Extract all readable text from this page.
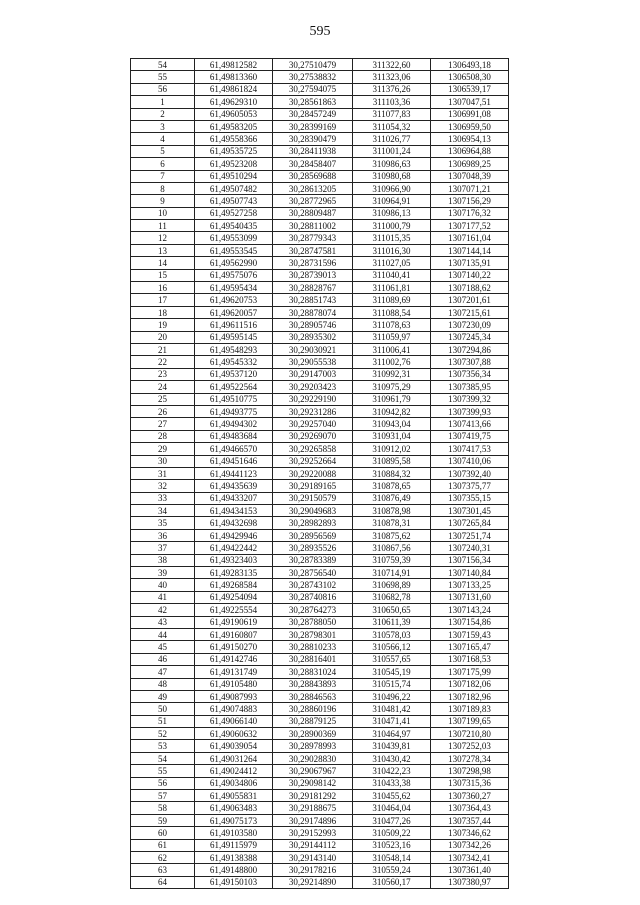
595
54	61,49812582	30,27510479	311322,60	1306493,18
55	61,49813360	30,27538832	311323,06	1306508,30
56	61,49861824	30,27594075	311376,26	1306539,17
1	61,49629310	30,28561863	311103,36	1307047,51
2	61,49605053	30,28457249	311077,83	1306991,08
3	61,49583205	30,28399169	311054,32	1306959,50
4	61,49558366	30,28390479	311026,77	1306954,13
5	61,49535725	30,28411938	311001,24	1306964,88
6	61,49523208	30,28458407	310986,63	1306989,25
7	61,49510294	30,28569688	310980,68	1307048,39
8	61,49507482	30,28613205	310966,90	1307071,21
9	61,49507743	30,28772965	310964,91	1307156,29
10	61,49527258	30,28809487	310986,13	1307176,32
11	61,49540435	30,28811002	311000,79	1307177,52
12	61,49553099	30,28779343	311015,35	1307161,04
13	61,49553545	30,28747581	311016,30	1307144,14
14	61,49562990	30,28731596	311027,05	1307135,91
15	61,49575076	30,28739013	311040,41	1307140,22
16	61,49595434	30,28828767	311061,81	1307188,62
17	61,49620753	30,28851743	311089,69	1307201,61
18	61,49620057	30,28878074	311088,54	1307215,61
19	61,49611516	30,28905746	311078,63	1307230,09
20	61,49595145	30,28935302	311059,97	1307245,34
21	61,49548293	30,29030921	311006,41	1307294,86
22	61,49545332	30,29055538	311002,76	1307307,88
23	61,49537120	30,29147003	310992,31	1307356,34
24	61,49522564	30,29203423	310975,29	1307385,95
25	61,49510775	30,29229190	310961,79	1307399,32
26	61,49493775	30,29231286	310942,82	1307399,93
27	61,49494302	30,29257040	310943,04	1307413,66
28	61,49483684	30,29269070	310931,04	1307419,75
29	61,49466570	30,29265858	310912,02	1307417,53
30	61,49451646	30,29252664	310895,58	1307410,06
31	61,49441123	30,29220088	310884,32	1307392,40
32	61,49435639	30,29189165	310878,65	1307375,77
33	61,49433207	30,29150579	310876,49	1307355,15
34	61,49434153	30,29049683	310878,98	1307301,45
35	61,49432698	30,28982893	310878,31	1307265,84
36	61,49429946	30,28956569	310875,62	1307251,74
37	61,49422442	30,28935526	310867,56	1307240,31
38	61,49323403	30,28783389	310759,39	1307156,34
39	61,49283135	30,28756540	310714,91	1307140,84
40	61,49268584	30,28743102	310698,89	1307133,25
41	61,49254094	30,28740816	310682,78	1307131,60
42	61,49225554	30,28764273	310650,65	1307143,24
43	61,49190619	30,28788050	310611,39	1307154,86
44	61,49160807	30,28798301	310578,03	1307159,43
45	61,49150270	30,28810233	310566,12	1307165,47
46	61,49142746	30,28816401	310557,65	1307168,53
47	61,49131749	30,28831024	310545,19	1307175,99
48	61,49105480	30,28843893	310515,74	1307182,06
49	61,49087993	30,28846563	310496,22	1307182,96
50	61,49074883	30,28860196	310481,42	1307189,83
51	61,49066140	30,28879125	310471,41	1307199,65
52	61,49060632	30,28900369	310464,97	1307210,80
53	61,49039054	30,28978993	310439,81	1307252,03
54	61,49031264	30,29028830	310430,42	1307278,34
55	61,49024412	30,29067967	310422,23	1307298,98
56	61,49034806	30,29098142	310433,38	1307315,36
57	61,49055831	30,29181292	310455,62	1307360,27
58	61,49063483	30,29188675	310464,04	1307364,43
59	61,49075173	30,29174896	310477,26	1307357,44
60	61,49103580	30,29152993	310509,22	1307346,62
61	61,49115979	30,29144112	310523,16	1307342,26
62	61,49138388	30,29143140	310548,14	1307342,41
63	61,49148800	30,29178216	310559,24	1307361,40
64	61,49150103	30,29214890	310560,17	1307380,97
